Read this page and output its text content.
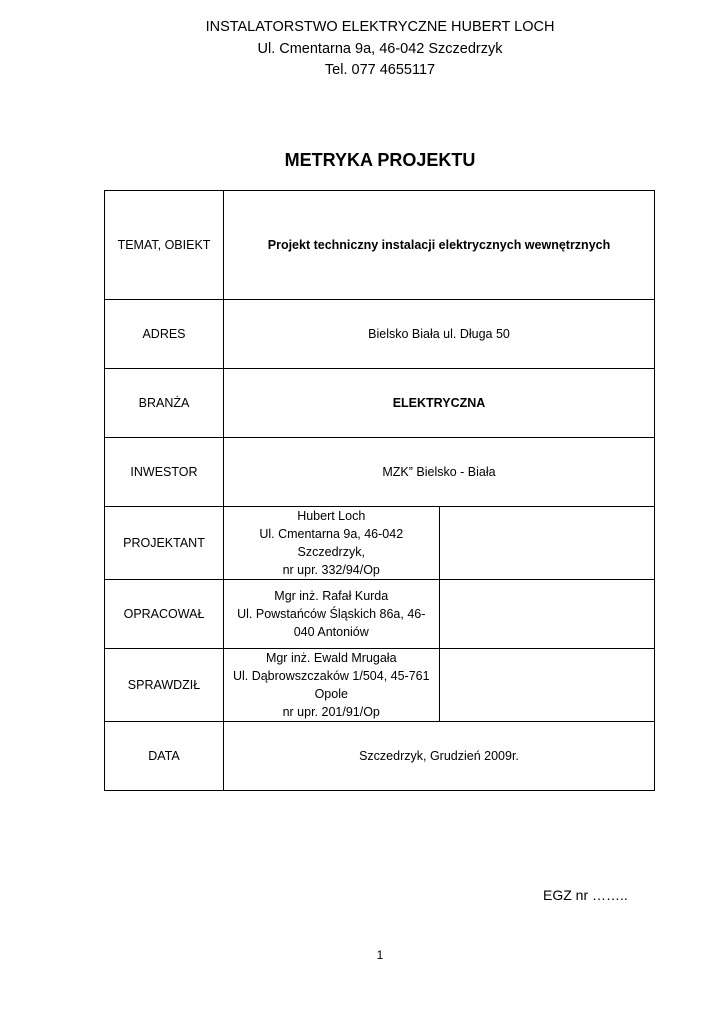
INSTALATORSTWO ELEKTRYCZNE HUBERT LOCH
Ul. Cmentarna 9a, 46-042 Szczedrzyk
Tel. 077 4655117
METRYKA PROJEKTU
TEMAT, OBIEKT	Projekt techniczny instalacji elektrycznych wewnętrznych	
ADRES	Bielsko Biała ul. Długa 50	
BRANŻA	ELEKTRYCZNA	
INWESTOR	MZK” Bielsko - Biała	
PROJEKTANT	Hubert Loch
Ul. Cmentarna 9a, 46-042 Szczedrzyk,
nr upr. 332/94/Op	

OPRACOWAŁ	Mgr inż. Rafał Kurda
Ul. Powstańców Śląskich 86a, 46-040 Antoniów	

SPRAWDZIŁ	Mgr inż. Ewald Mrugała
Ul. Dąbrowszczaków 1/504, 45-761 Opole
nr upr. 201/91/Op	

DATA	Szczedrzyk, Grudzień 2009r.	
EGZ nr ……..
1
